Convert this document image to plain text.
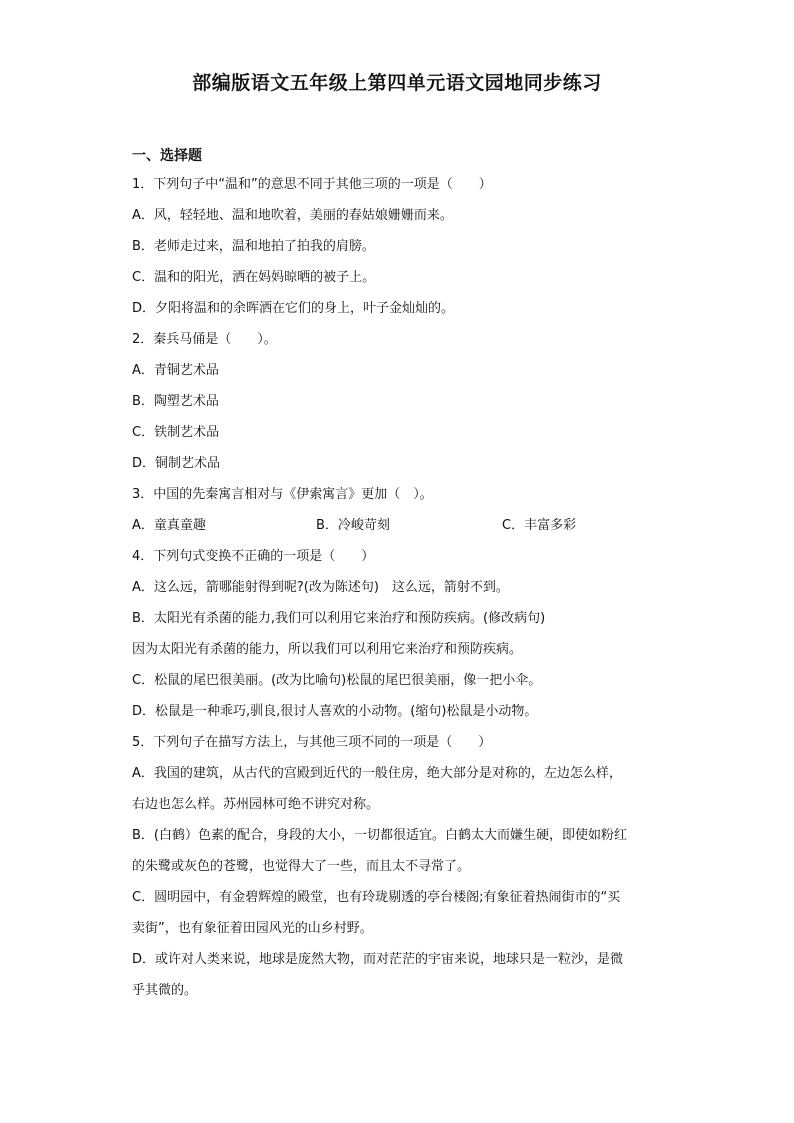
部编版语文五年级上第四单元语文园地同步练习
一、选择题
1．下列句子中“温和”的意思不同于其他三项的一项是（　　）
A．风，轻轻地、温和地吹着，美丽的春姑娘姗姗而来。
B．老师走过来，温和地拍了拍我的肩膀。
C．温和的阳光，洒在妈妈晾晒的被子上。
D．夕阳将温和的余晖洒在它们的身上，叶子金灿灿的。
2．秦兵马俑是（　　）。
A．青铜艺术品
B．陶塑艺术品
C．铁制艺术品
D．铜制艺术品
3．中国的先秦寓言相对与《伊索寓言》更加（　）。
A．童真童趣	B．冷峻苛刻	C．丰富多彩
4．下列句式变换不正确的一项是（　　）
A．这么远，箭哪能射得到呢?(改为陈述句)　这么远，箭射不到。
B．太阳光有杀菌的能力,我们可以利用它来治疗和预防疾病。(修改病句)
因为太阳光有杀菌的能力，所以我们可以利用它来治疗和预防疾病。
C．松鼠的尾巴很美丽。(改为比喻句)松鼠的尾巴很美丽，像一把小伞。
D．松鼠是一种乖巧,驯良,很讨人喜欢的小动物。(缩句)松鼠是小动物。
5．下列句子在描写方法上，与其他三项不同的一项是（　　）
A．我国的建筑，从古代的宫殿到近代的一般住房，绝大部分是对称的，左边怎么样，
右边也怎么样。苏州园林可绝不讲究对称。
B．(白鹤）色素的配合，身段的大小，一切都很适宜。白鹤太大而嫌生硬，即使如粉红
的朱鹭或灰色的苍鹭，也觉得大了一些，而且太不寻常了。
C．圆明园中，有金碧辉煌的殿堂，也有玲珑剔透的亭台楼阁;有象征着热闹街市的“买
卖街”，也有象征着田园风光的山乡村野。
D．或许对人类来说，地球是庞然大物，而对茫茫的宇宙来说，地球只是一粒沙，是微
乎其微的。
